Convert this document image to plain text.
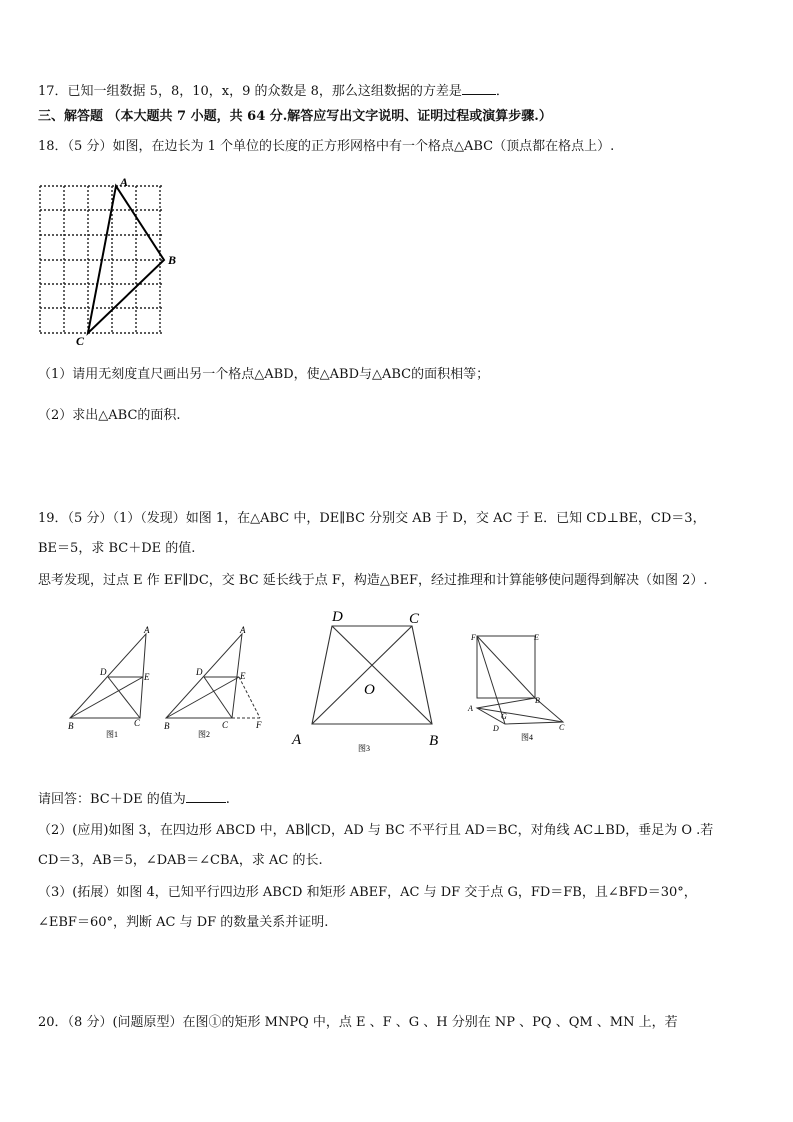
17．已知一组数据 5，8，10，x，9 的众数是 8，那么这组数据的方差是	．
三、解答题 （本大题共 7 小题，共 64 分.解答应写出文字说明、证明过程或演算步骤.）
18．（5 分）如图，在边长为 1 个单位的长度的正方形网格中有一个格点△ABC（顶点都在格点上）.
A
B
C
（1）请用无刻度直尺画出另一个格点△ABD，使△ABD与△ABC的面积相等；
（2）求出△ABC的面积.
19．（5 分）（1）（发现）如图 1，在△ABC 中，DE∥BC 分别交 AB 于 D，交 AC 于 E．已知 CD⊥BE，CD＝3，
BE＝5，求 BC＋DE 的值.
思考发现，过点 E 作 EF∥DC，交 BC 延长线于点 F，构造△BEF，经过推理和计算能够使问题得到解决（如图 2）.
A
D	E
B	C
图1
A
D	E
B	C	F
图2
D	C
O
A	B
图3
F	E
B
A
G
D	C
图4
请回答：BC＋DE 的值为	.
（2）(应用)如图 3，在四边形 ABCD 中，AB∥CD，AD 与 BC 不平行且 AD＝BC，对角线 AC⊥BD，垂足为 O .若
CD＝3，AB＝5，∠DAB＝∠CBA，求 AC 的长.
（3）(拓展）如图 4，已知平行四边形 ABCD 和矩形 ABEF，AC 与 DF 交于点 G，FD＝FB，且∠BFD＝30°，
∠EBF＝60°，判断 AC 与 DF 的数量关系并证明.
20．（8 分）(问题原型）在图①的矩形 MNPQ 中，点 E 、F 、G 、H 分别在 NP 、PQ 、QM 、MN 上，若
